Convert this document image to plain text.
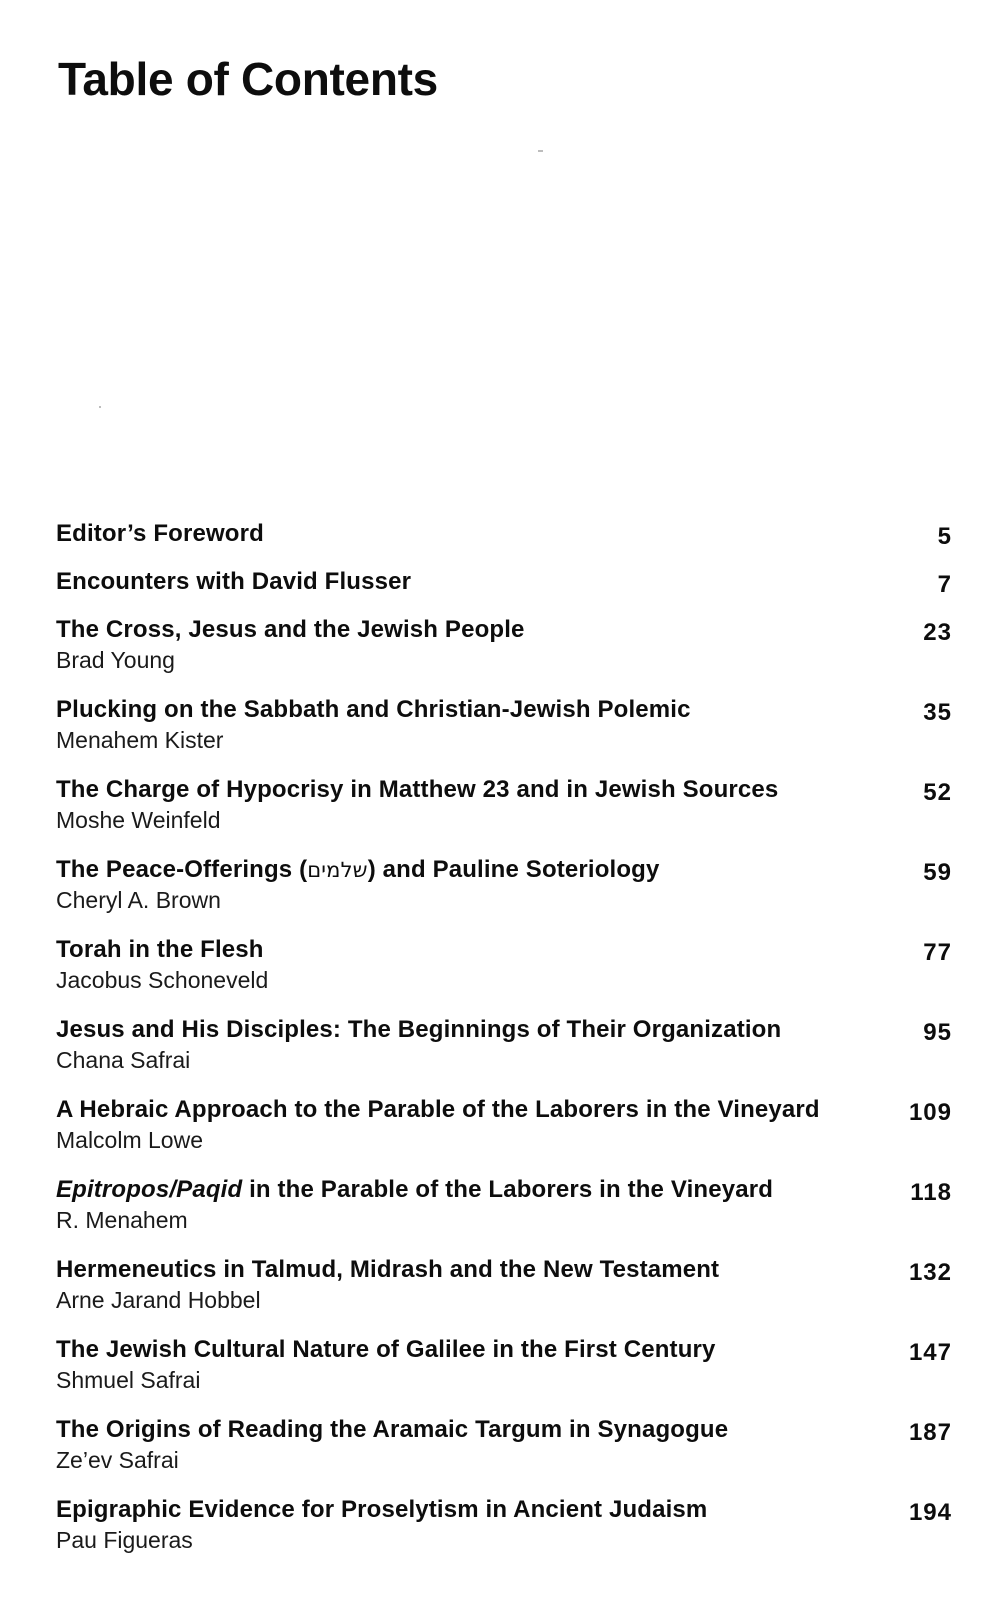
Table of Contents
Editor’s Foreword	5
Encounters with David Flusser	7
The Cross, Jesus and the Jewish People
Brad Young
23
Plucking on the Sabbath and Christian-Jewish Polemic
Menahem Kister
35
The Charge of Hypocrisy in Matthew 23 and in Jewish Sources
Moshe Weinfeld
52
The Peace-Offerings (שלמים) and Pauline Soteriology
Cheryl A. Brown
59
Torah in the Flesh
Jacobus Schoneveld
77
Jesus and His Disciples: The Beginnings of Their Organization
Chana Safrai
95
A Hebraic Approach to the Parable of the Laborers in the Vineyard
Malcolm Lowe
109
Epitropos/Paqid in the Parable of the Laborers in the Vineyard
R. Menahem
118
Hermeneutics in Talmud, Midrash and the New Testament
Arne Jarand Hobbel
132
The Jewish Cultural Nature of Galilee in the First Century
Shmuel Safrai
147
The Origins of Reading the Aramaic Targum in Synagogue
Ze’ev Safrai
187
Epigraphic Evidence for Proselytism in Ancient Judaism
Pau Figueras
194
